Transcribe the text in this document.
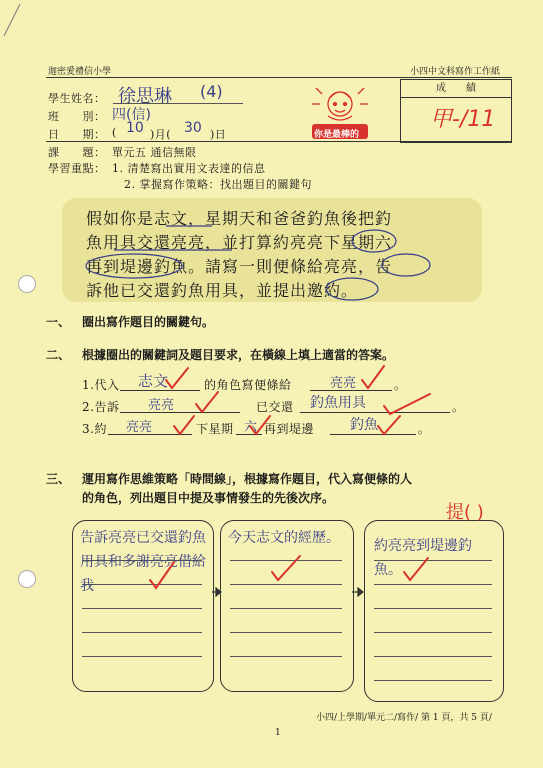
迦密愛禮信小學	小四中文科寫作工作紙
學生姓名： 徐思琳 (4)
班　　別： 四(信)
日　　期： ( 10 )月( 30 )日
課　　題： 單元五 通信無限
學習重點： 1. 清楚寫出實用文表達的信息
2. 掌握寫作策略：找出題目的關鍵句
你是最棒的
成　　績
甲-/11
假如你是志文，星期天和爸爸釣魚後把釣
魚用具交還亮亮，並打算約亮亮下星期六
再到堤邊釣魚。請寫一則便條給亮亮，告
訴他已交還釣魚用具，並提出邀約。
一、 圈出寫作題目的關鍵句。
二、 根據圈出的關鍵詞及題目要求，在橫線上填上適當的答案。
1.代入 志文	的角色寫便條給	亮亮	。
2.告訴 亮亮	已交還 釣魚用具	。
3.約 亮亮	下星期 六 再到堤邊	釣魚	。
三、 運用寫作思維策略「時間線」，根據寫作題目，代入寫便條的人
的角色，列出題目中提及事情發生的先後次序。
告訴亮亮已交還釣魚用具和多謝亮亮借給我
今天志文的經歷。	約亮亮到堤邊釣魚。
提( )
小四/上學期/單元二/寫作/ 第 1 頁，共 5 頁/
1
